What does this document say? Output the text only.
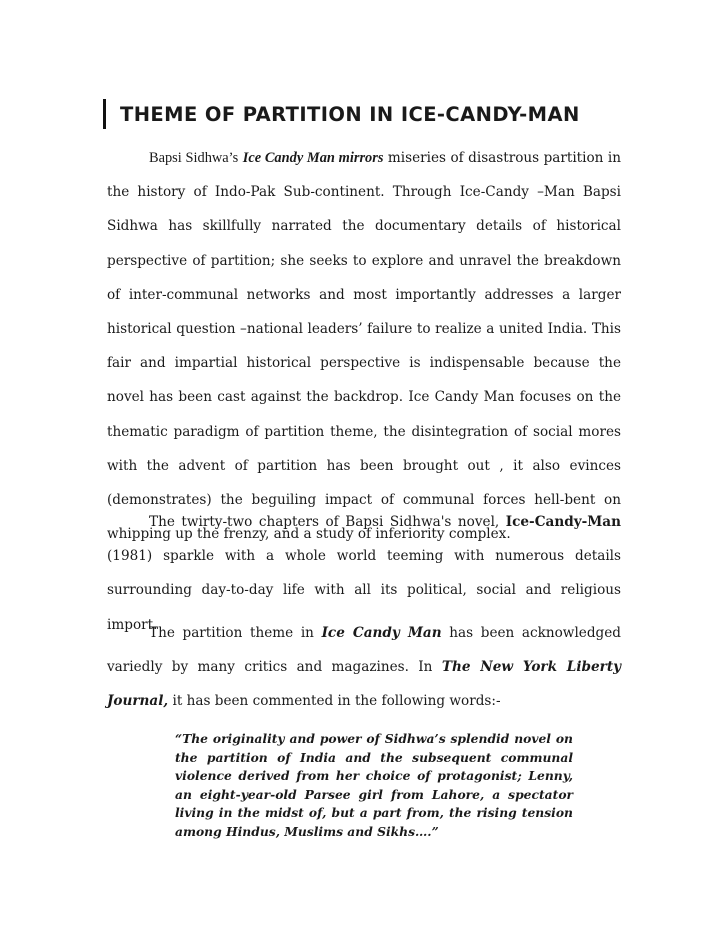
THEME OF PARTITION IN ICE-CANDY-MAN

Bapsi Sidhwa’s Ice Candy Man mirrors miseries of disastrous partition in the history of Indo-Pak Sub-continent. Through Ice-Candy –Man Bapsi Sidhwa has skillfully narrated the documentary details of historical perspective of partition; she seeks to explore and unravel the breakdown of inter-communal networks and most importantly addresses a larger historical question –national leaders’ failure to realize a united India. This fair and impartial historical perspective is indispensable because the novel has been cast against the backdrop. Ice Candy Man focuses on the thematic paradigm of partition theme, the disintegration of social mores with the advent of partition has been brought out , it also evinces (demonstrates) the beguiling impact of communal forces hell-bent on whipping up the frenzy, and a study of inferiority complex.

The twirty-two chapters of Bapsi Sidhwa's novel, Ice-Candy-Man (1981) sparkle with a whole world teeming with numerous details surrounding day-to-day life with all its political, social and religious import.

The partition theme in Ice Candy Man has been acknowledged variedly by many critics and magazines. In The New York Liberty Journal, it has been commented in the following words:-

“The originality and power of Sidhwa’s splendid novel on the partition of India and the subsequent communal violence derived from her choice of protagonist; Lenny, an eight-year-old Parsee girl from Lahore, a spectator living in the midst of, but a part from, the rising tension among Hindus, Muslims and Sikhs….”
